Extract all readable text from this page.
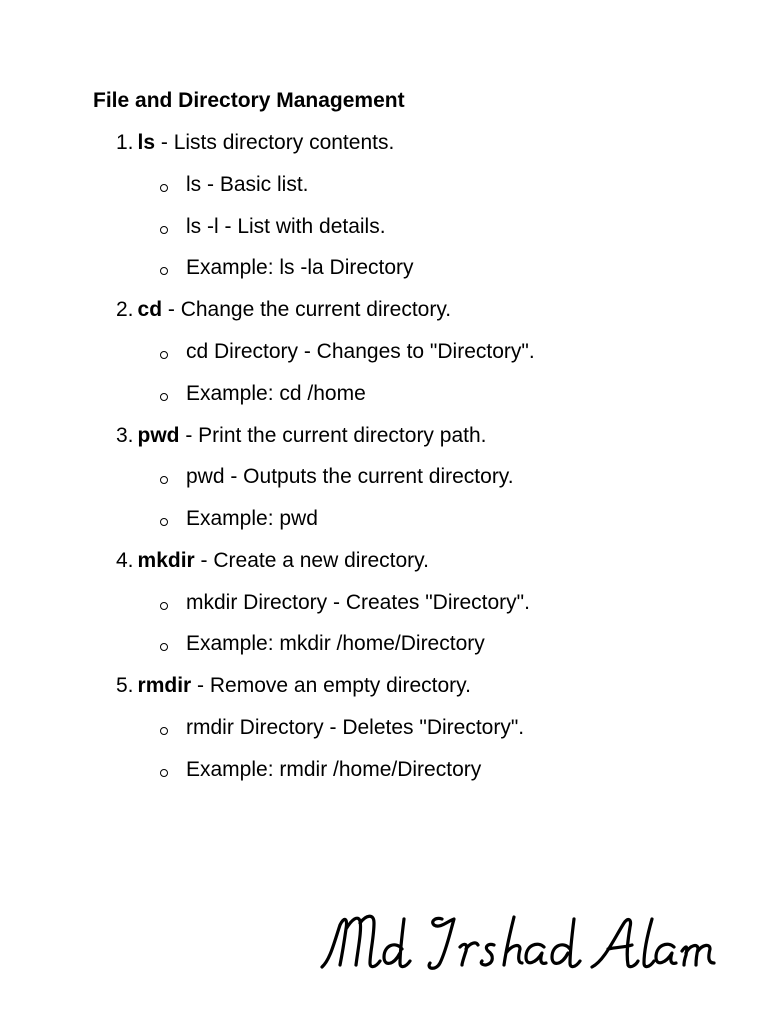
File and Directory Management
1. ls - Lists directory contents.
ls - Basic list.
ls -l - List with details.
Example: ls -la Directory
2. cd - Change the current directory.
cd Directory - Changes to "Directory".
Example: cd /home
3. pwd - Print the current directory path.
pwd - Outputs the current directory.
Example: pwd
4. mkdir - Create a new directory.
mkdir Directory - Creates "Directory".
Example: mkdir /home/Directory
5. rmdir - Remove an empty directory.
rmdir Directory - Deletes "Directory".
Example: rmdir /home/Directory
